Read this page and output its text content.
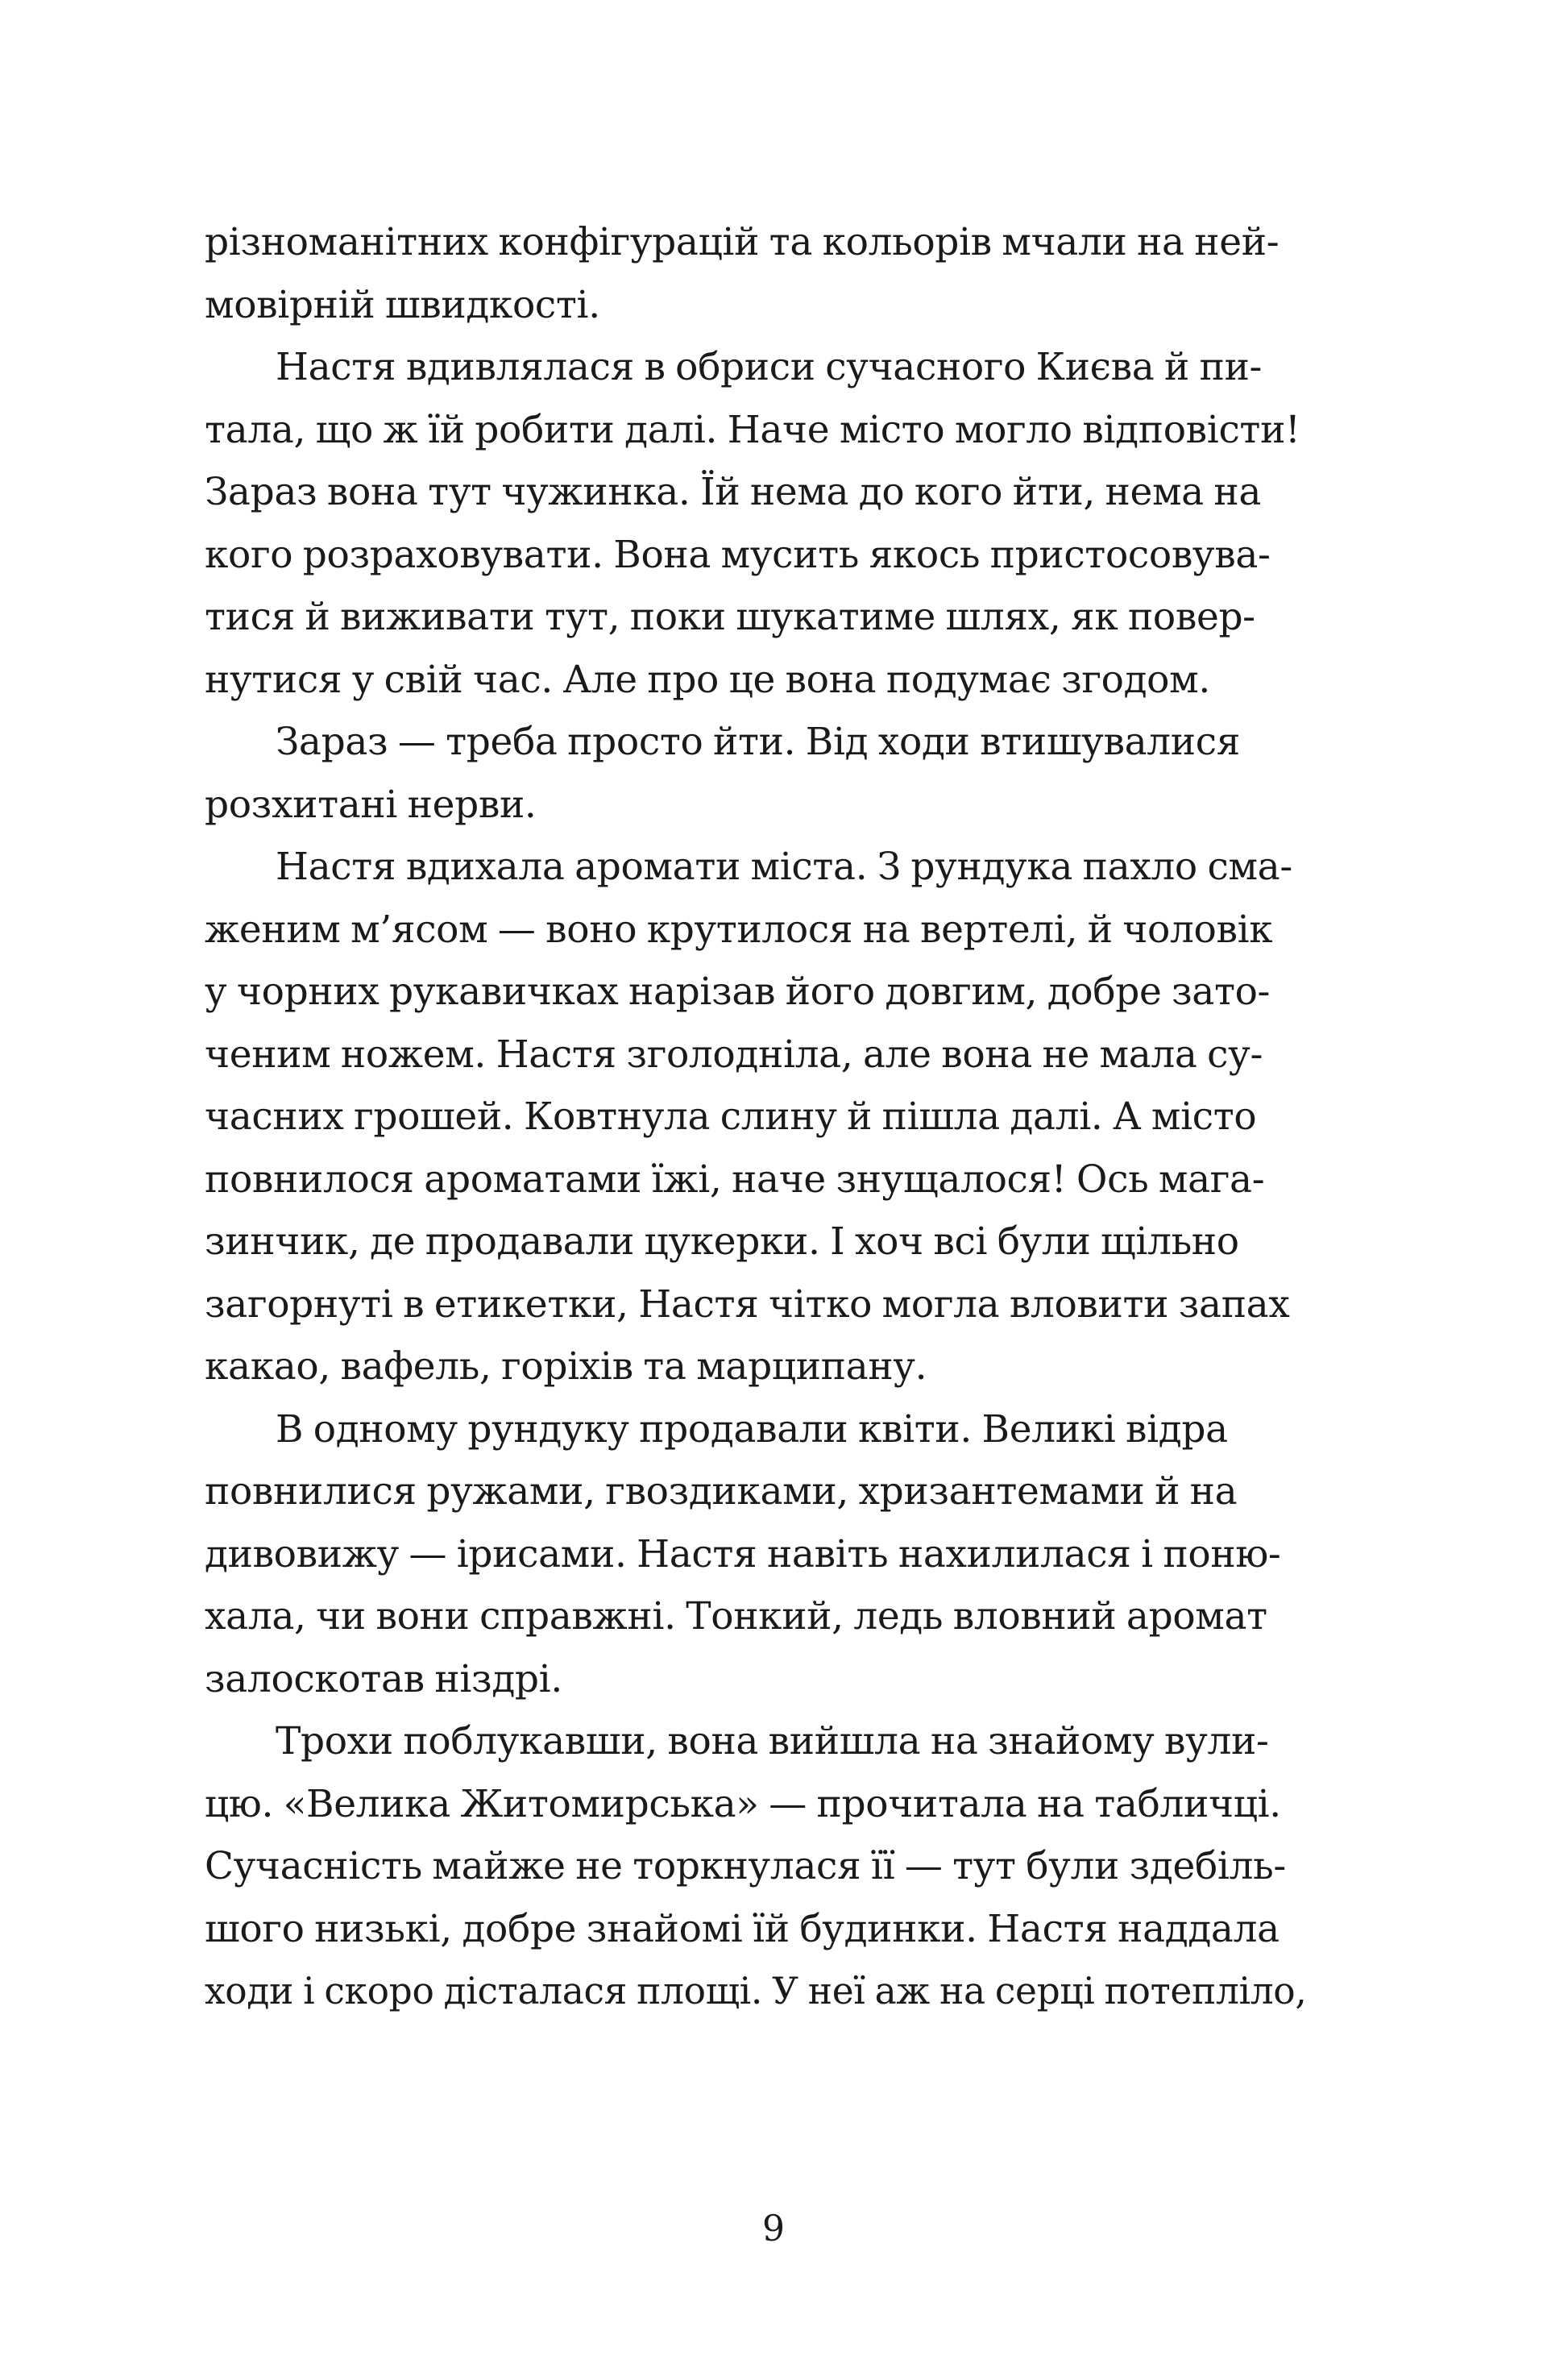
різноманітних конфігурацій та кольорів мчали на ней-
мовірній швидкості.
Настя вдивлялася в обриси сучасного Києва й пи-
тала, що ж їй робити далі. Наче місто могло відповісти!
Зараз вона тут чужинка. Їй нема до кого йти, нема на
кого розраховувати. Вона мусить якось пристосовува-
тися й виживати тут, поки шукатиме шлях, як повер-
нутися у свій час. Але про це вона подумає згодом.
Зараз — треба просто йти. Від ходи втишувалися
розхитані нерви.
Настя вдихала аромати міста. З рундука пахло сма-
женим м’ясом — воно крутилося на вертелі, й чоловік
у чорних рукавичках нарізав його довгим, добре зато-
ченим ножем. Настя зголодніла, але вона не мала су-
часних грошей. Ковтнула слину й пішла далі. А місто
повнилося ароматами їжі, наче знущалося! Ось мага-
зинчик, де продавали цукерки. І хоч всі були щільно
загорнуті в етикетки, Настя чітко могла вловити запах
какао, вафель, горіхів та марципану.
В одному рундуку продавали квіти. Великі відра
повнилися ружами, гвоздиками, хризантемами й на
дивовижу — ірисами. Настя навіть нахилилася і поню-
хала, чи вони справжні. Тонкий, ледь вловний аромат
залоскотав ніздрі.
Трохи поблукавши, вона вийшла на знайому вули-
цю. «Велика Житомирська» — прочитала на табличці.
Сучасність майже не торкнулася її — тут були здебіль-
шого низькі, добре знайомі їй будинки. Настя наддала
ходи і скоро дісталася площі. У неї аж на серці потепліло,
9
